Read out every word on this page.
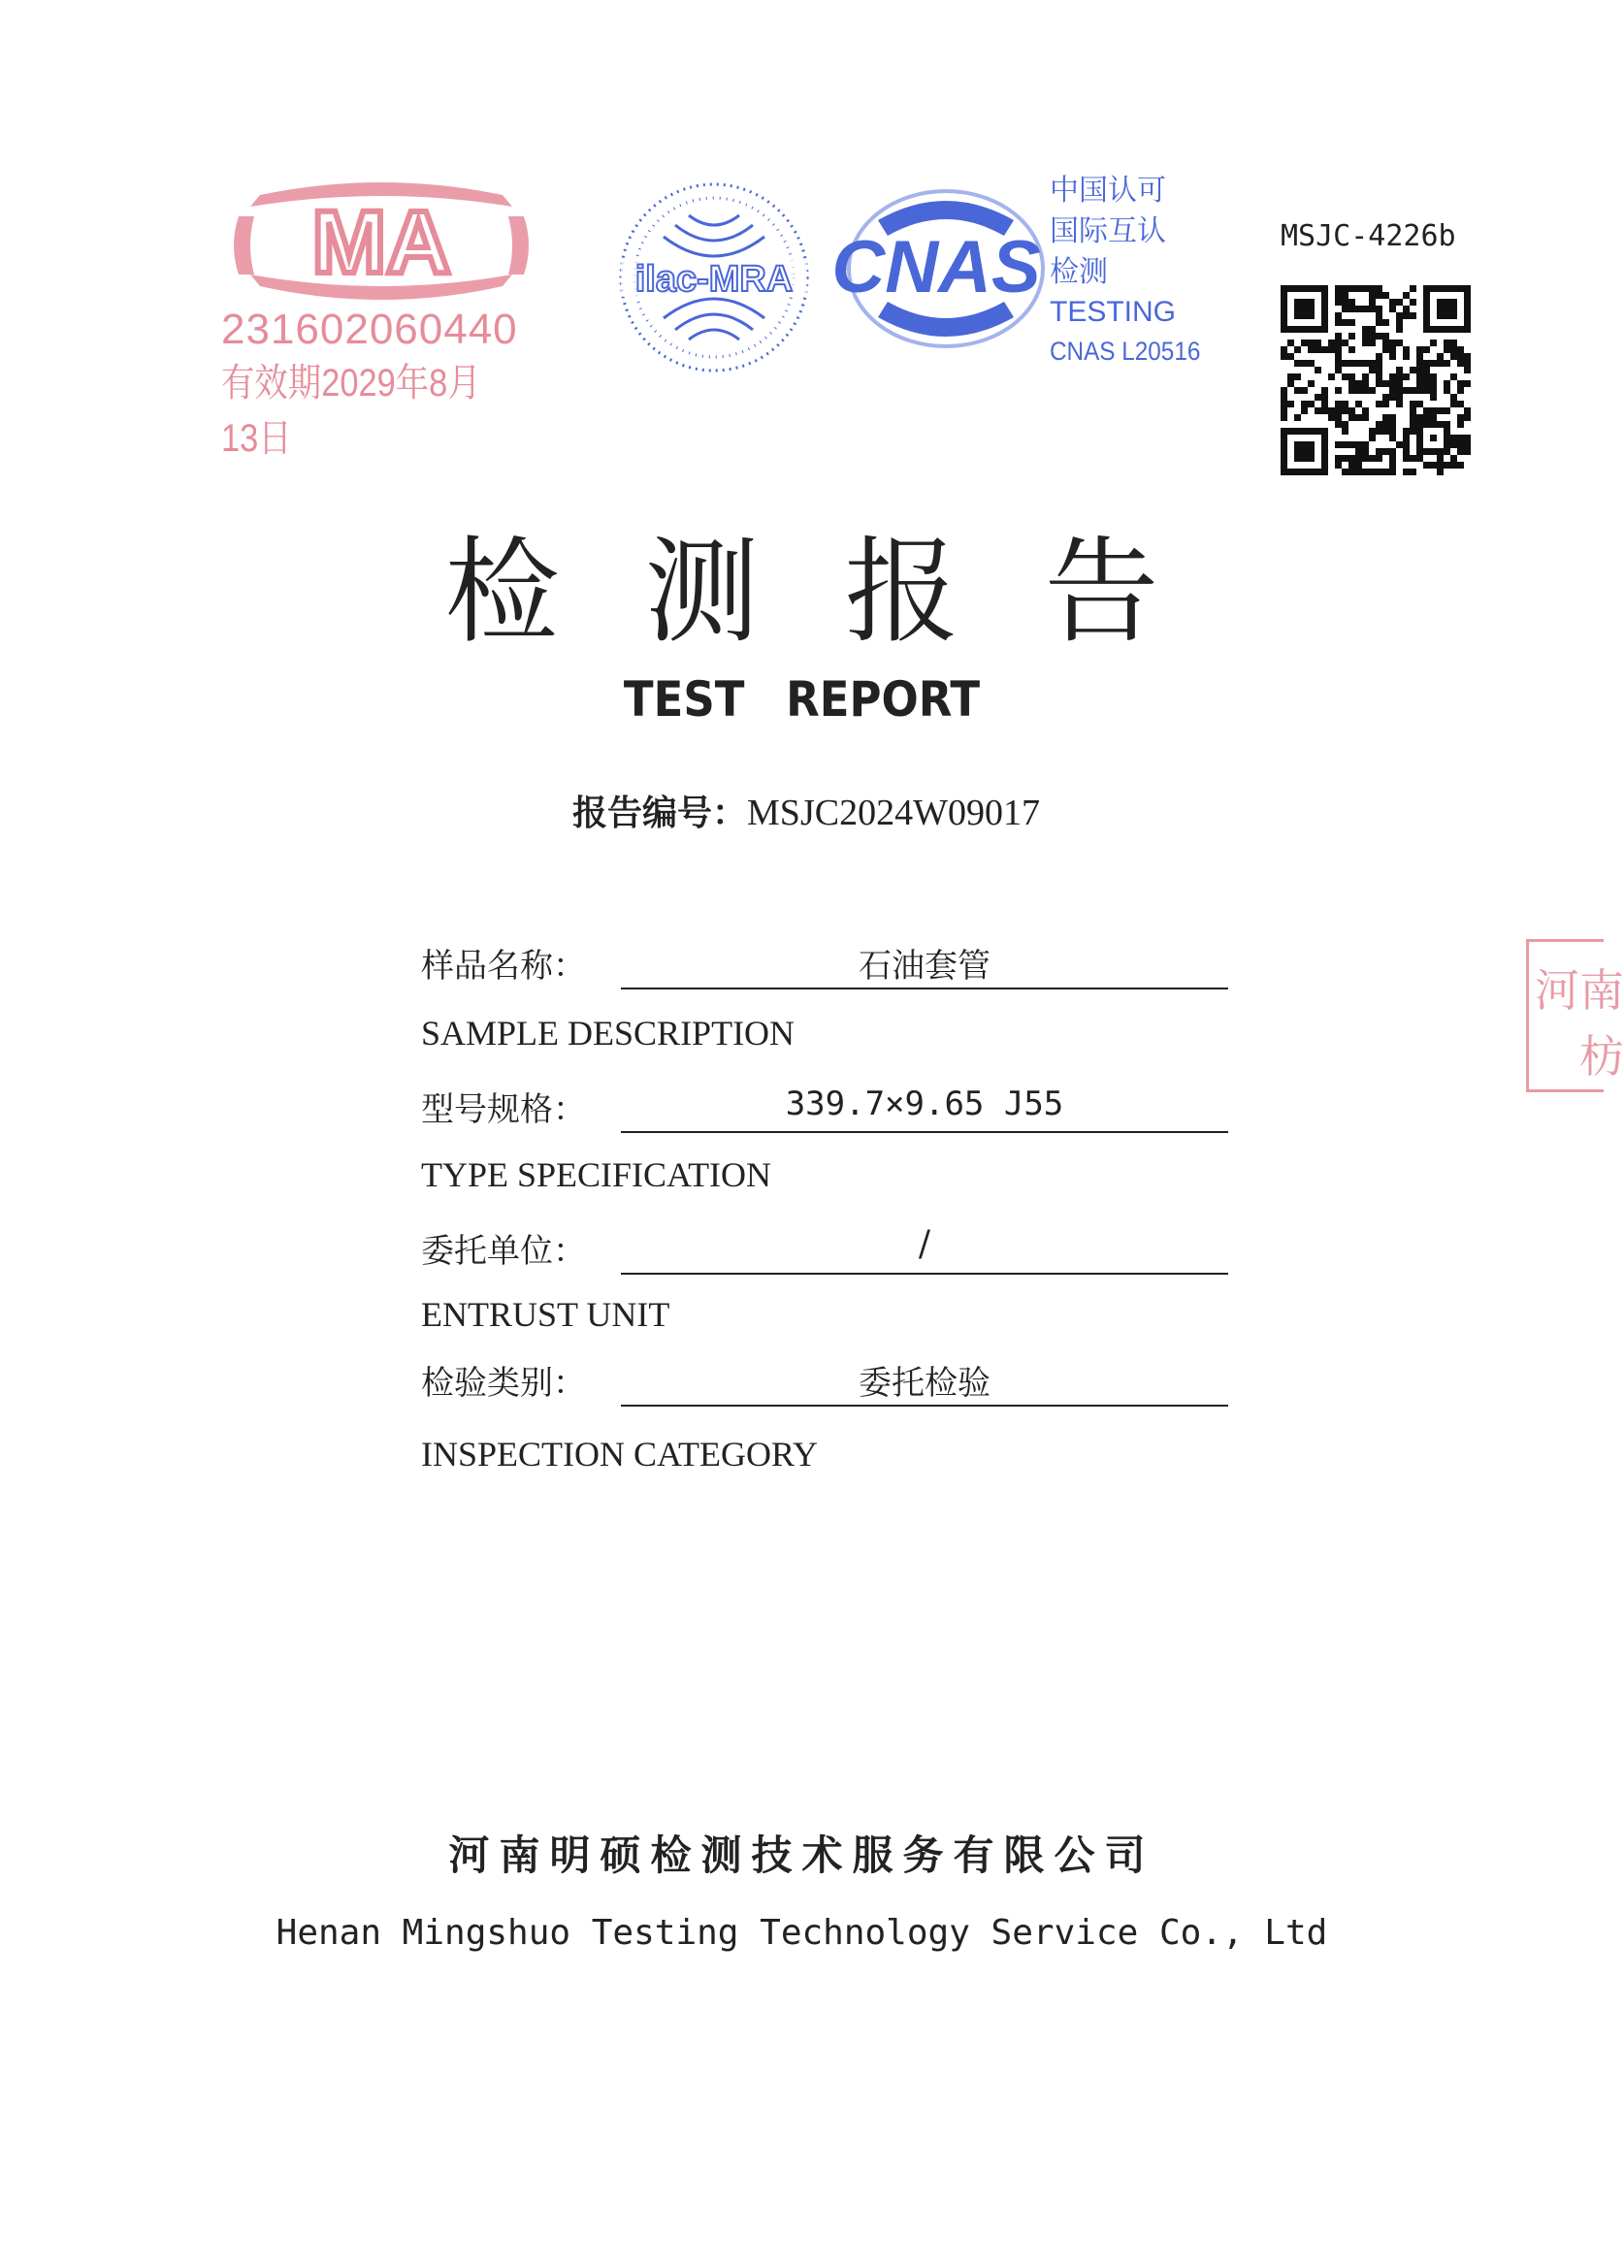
MA
231602060440
有效期2029年8月13日
ilac-MRA CNAS
中国认可
国际互认
检测
TESTING
CNAS L20516
MSJC-4226b
检测报告
TEST REPORT
报告编号：MSJC2024W09017
样品名称：	石油套管
SAMPLE DESCRIPTION
型号规格：	339.7×9.65 J55
TYPE SPECIFICATION
委托单位：	/
ENTRUST UNIT
检验类别：	委托检验
INSPECTION CATEGORY
河南
枋
河南明硕检测技术服务有限公司
Henan Mingshuo Testing Technology Service Co., Ltd
